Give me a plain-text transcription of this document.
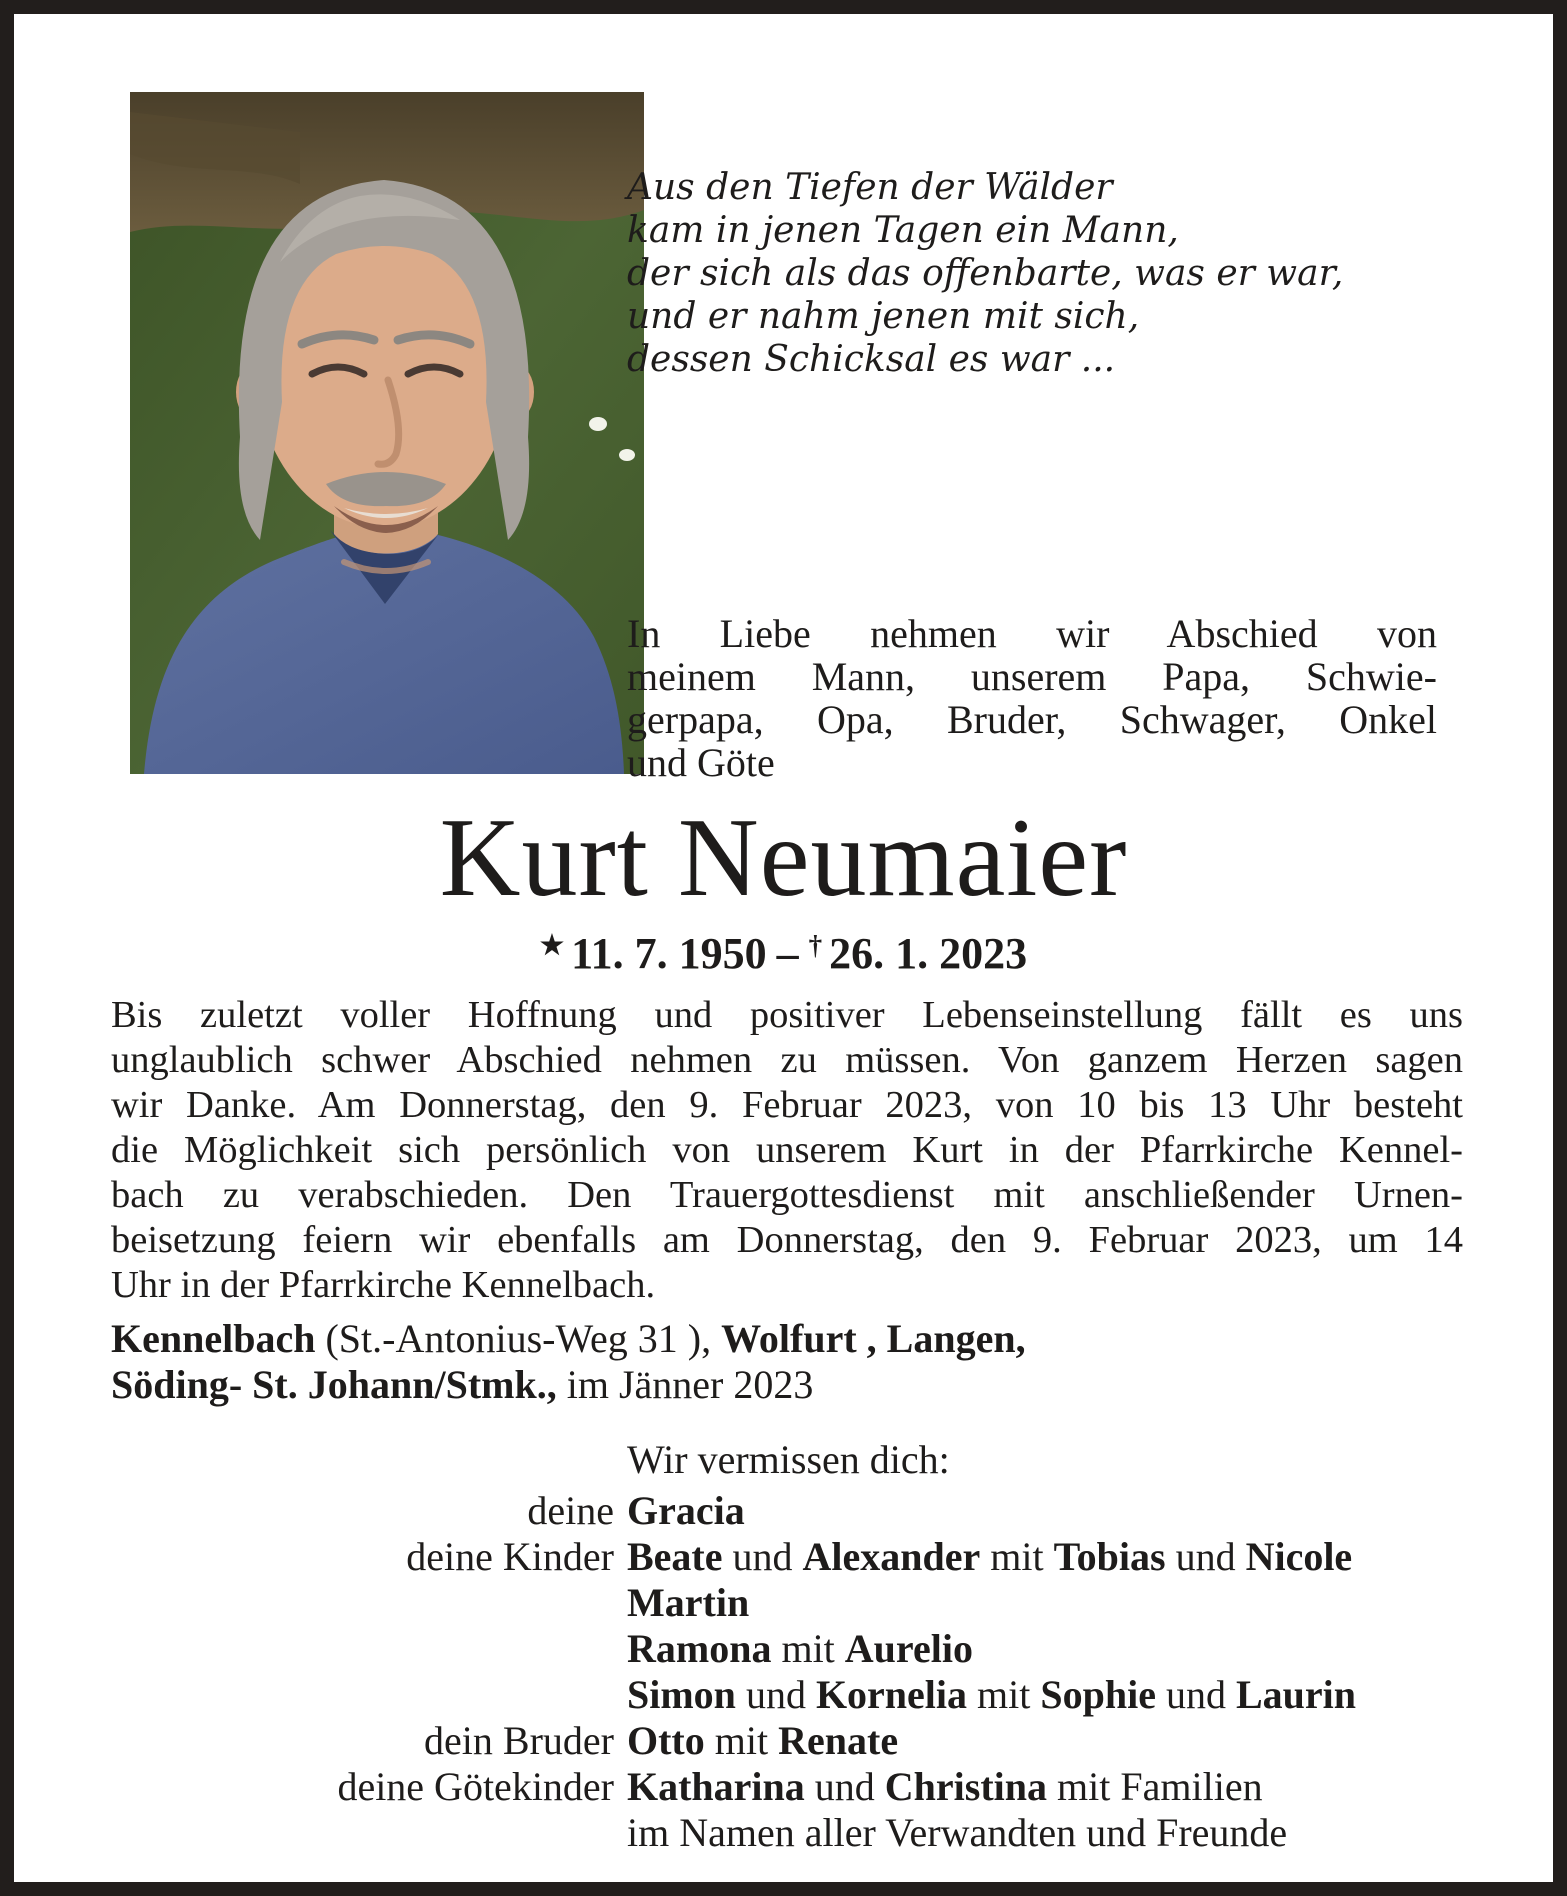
Aus den Tiefen der Wälder
kam in jenen Tagen ein Mann,
der sich als das offenbarte, was er war,
und er nahm jenen mit sich,
dessen Schicksal es war ...
In Liebe nehmen wir Abschied von
meinem Mann, unserem Papa, Schwie-
gerpapa, Opa, Bruder, Schwager, Onkel
und Göte
Kurt Neumaier
★ 11. 7. 1950 – † 26. 1. 2023
Bis zuletzt voller Hoffnung und positiver Lebenseinstellung fällt es uns
unglaublich schwer Abschied nehmen zu müssen. Von ganzem Herzen sagen
wir Danke. Am Donnerstag, den 9. Februar 2023, von 10 bis 13 Uhr besteht
die Möglichkeit sich persönlich von unserem Kurt in der Pfarrkirche Kennel-
bach zu verabschieden. Den Trauergottesdienst mit anschließender Urnen-
beisetzung feiern wir ebenfalls am Donnerstag, den 9. Februar 2023, um 14
Uhr in der Pfarrkirche Kennelbach.
Kennelbach (St.-Antonius-Weg 31 ), Wolfurt , Langen,
Söding- St. Johann/Stmk., im Jänner 2023
Wir vermissen dich:
deine Gracia
deine Kinder Beate und Alexander mit Tobias und Nicole
Martin
Ramona mit Aurelio
Simon und Kornelia mit Sophie und Laurin
dein Bruder Otto mit Renate
deine Götekinder Katharina und Christina mit Familien
im Namen aller Verwandten und Freunde
